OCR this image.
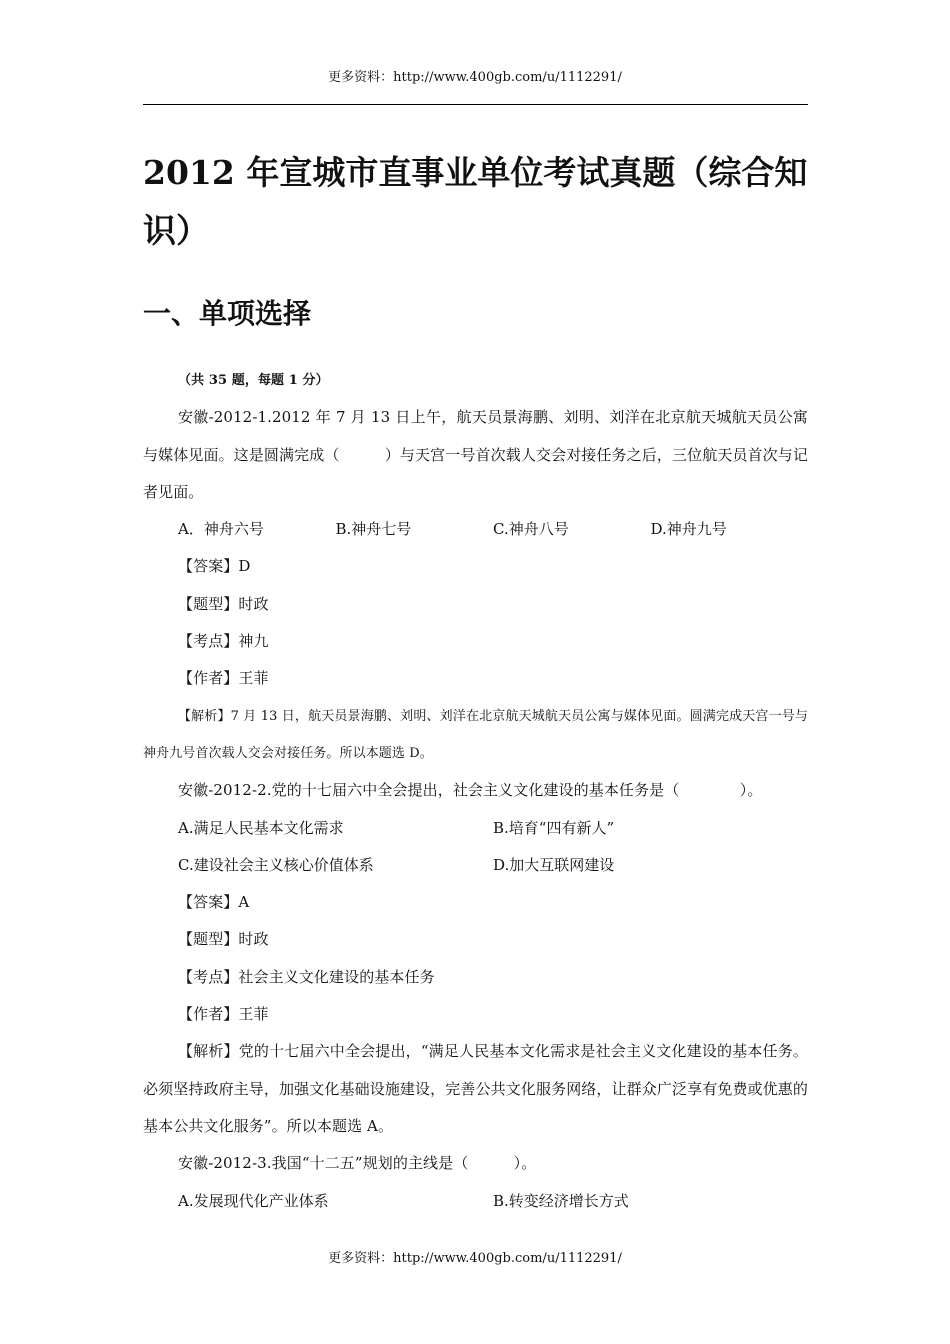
更多资料：http://www.400gb.com/u/1112291/
2012 年宣城市直事业单位考试真题（综合知识）
一、单项选择

（共 35 题，每题 1 分）

安徽-2012-1.2012 年 7 月 13 日上午，航天员景海鹏、刘明、刘洋在北京航天城航天员公寓与媒体见面。这是圆满完成（　　　）与天宫一号首次载人交会对接任务之后，三位航天员首次与记者见面。

A．神舟六号	B.神舟七号	C.神舟八号	D.神舟九号

【答案】D

【题型】时政

【考点】神九

【作者】王菲

【解析】7 月 13 日，航天员景海鹏、刘明、刘洋在北京航天城航天员公寓与媒体见面。圆满完成天宫一号与神舟九号首次载人交会对接任务。所以本题选 D。

安徽-2012-2.党的十七届六中全会提出，社会主义文化建设的基本任务是（　　　　）。

A.满足人民基本文化需求	B.培育“四有新人”
C.建设社会主义核心价值体系	D.加大互联网建设

【答案】A

【题型】时政

【考点】社会主义文化建设的基本任务

【作者】王菲

【解析】党的十七届六中全会提出，“满足人民基本文化需求是社会主义文化建设的基本任务。必须坚持政府主导，加强文化基础设施建设，完善公共文化服务网络，让群众广泛享有免费或优惠的基本公共文化服务”。所以本题选 A。

安徽-2012-3.我国“十二五”规划的主线是（　　　）。

A.发展现代化产业体系	B.转变经济增长方式
更多资料：http://www.400gb.com/u/1112291/
